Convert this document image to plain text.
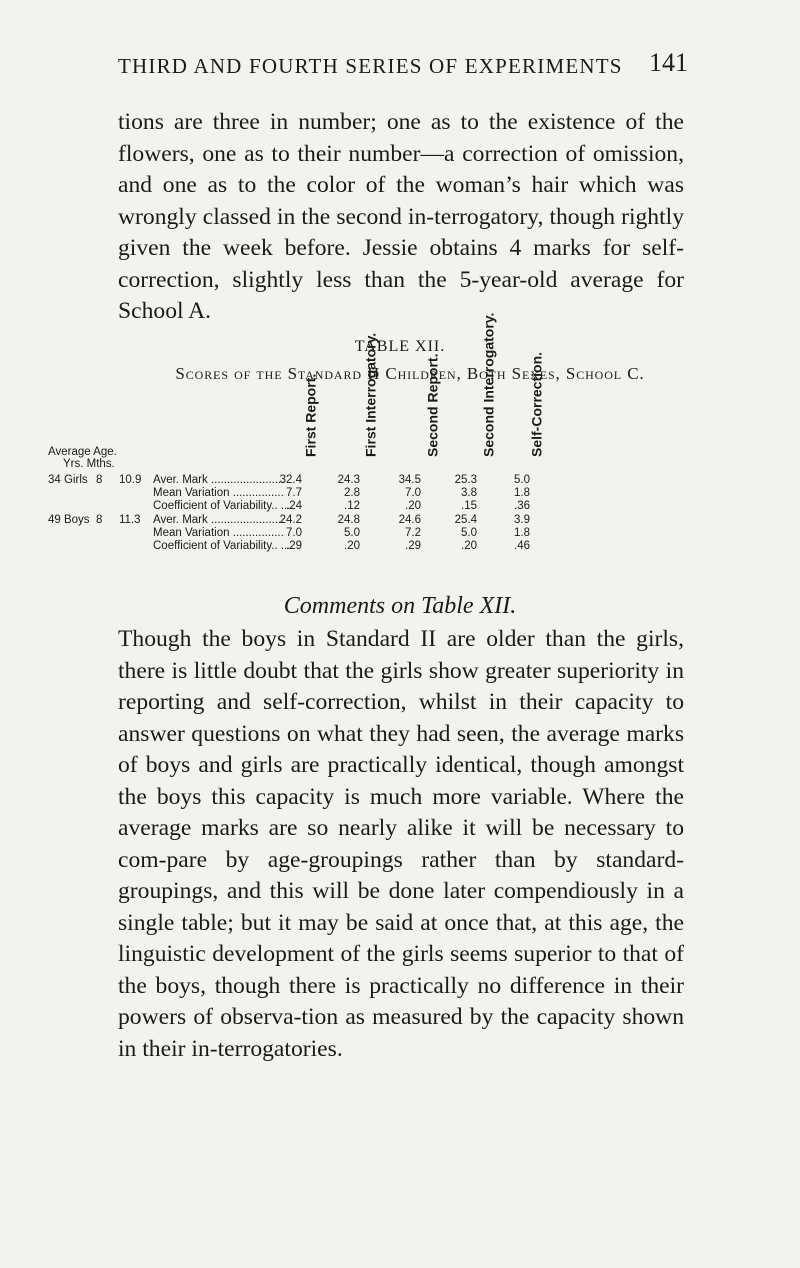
THIRD AND FOURTH SERIES OF EXPERIMENTS 141

tions are three in number; one as to the existence of the flowers, one as to their number—a correction of omission, and one as to the color of the woman’s hair which was wrongly classed in the second in-terrogatory, though rightly given the week before. Jessie obtains 4 marks for self-correction, slightly less than the 5-year-old average for School A.

TABLE XII.
Scores of the Standard II Children, Both Sexes, School C.
First Report.	First Interrogatory.	Second Report.	Second Interrogatory. Self-Correction.
Average Age.
Yrs. Mths.
34 Girls 8 10.9 Aver. Mark .....	32.4	24.3	34.5	25.3	5.0
Mean Variation .....	7.7	2.8	7.0	3.8	1.8
Coefficient of Variability.. ..... .24	.12	.20	.15	.36
49 Boys 8 11.3 Aver. Mark .....	24.2	24.8	24.6	25.4	3.9
Mean Variation .....	7.0	5.0	7.2	5.0	1.8
Coefficient of Variability.. ..... .29	.20	.29	.20	.46
Comments on Table XII.

Though the boys in Standard II are older than the girls, there is little doubt that the girls show greater superiority in reporting and self-correction, whilst in their capacity to answer questions on what they had seen, the average marks of boys and girls are practically identical, though amongst the boys this capacity is much more variable. Where the average marks are so nearly alike it will be necessary to com-pare by age-groupings rather than by standard-groupings, and this will be done later compendiously in a single table; but it may be said at once that, at this age, the linguistic development of the girls seems superior to that of the boys, though there is practically no difference in their powers of observa-tion as measured by the capacity shown in their in-terrogatories.
